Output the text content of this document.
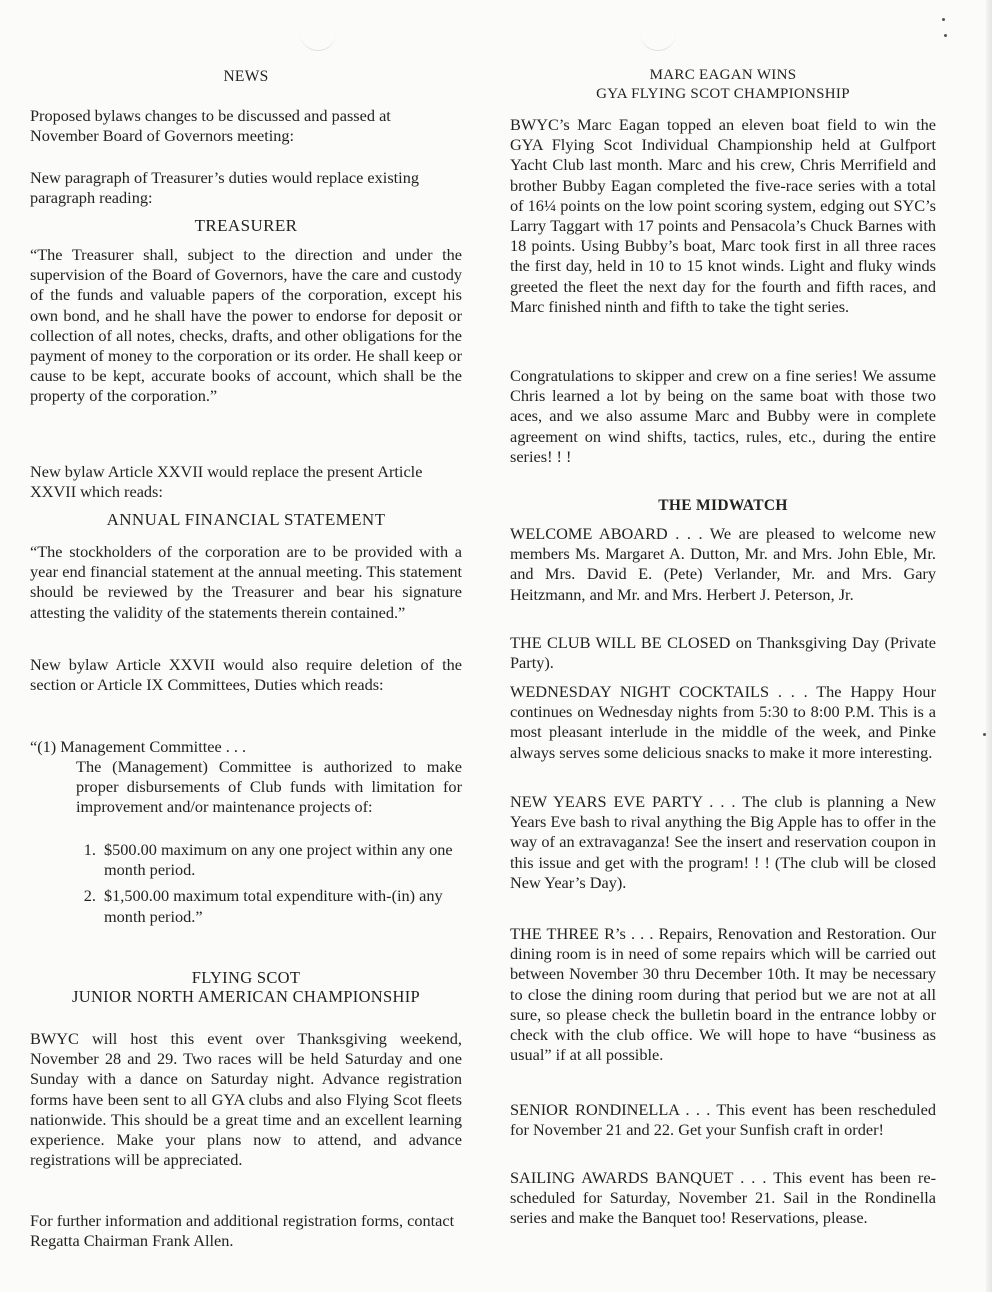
NEWS

Proposed bylaws changes to be discussed and passed at November Board of Governors meeting:

New paragraph of Treasurer’s duties would replace existing paragraph reading:

TREASURER

“The Treasurer shall, subject to the direction and under the supervision of the Board of Governors, have the care and custody of the funds and valuable papers of the corporation, except his own bond, and he shall have the power to endorse for deposit or collection of all notes, checks, drafts, and other obligations for the payment of money to the corporation or its order. He shall keep or cause to be kept, accurate books of account, which shall be the property of the corporation.”

New bylaw Article XXVII would replace the present Article XXVII which reads:

ANNUAL FINANCIAL STATEMENT

“The stockholders of the corporation are to be provided with a year end financial statement at the annual meeting. This statement should be reviewed by the Treasurer and bear his signature attesting the validity of the statements therein contained.”

New bylaw Article XXVII would also require deletion of the section or Article IX Committees, Duties which reads:

“(1) Management Committee . . .

The (Management) Committee is authorized to make proper disbursements of Club funds with limitation for improvement and/or maintenance projects of:

1. $500.00 maximum on any one project within any one month period.
2. $1,500.00 maximum total expenditure with-(in) any month period.”
FLYING SCOT
JUNIOR NORTH AMERICAN CHAMPIONSHIP

BWYC will host this event over Thanksgiving weekend, November 28 and 29. Two races will be held Saturday and one Sunday with a dance on Saturday night. Advance registration forms have been sent to all GYA clubs and also Flying Scot fleets nationwide. This should be a great time and an excellent learning experience. Make your plans now to attend, and advance registrations will be appreciated.

For further information and additional registration forms, contact Regatta Chairman Frank Allen.

MARC EAGAN WINS
GYA FLYING SCOT CHAMPIONSHIP

BWYC’s Marc Eagan topped an eleven boat field to win the GYA Flying Scot Individual Championship held at Gulfport Yacht Club last month. Marc and his crew, Chris Merrifield and brother Bubby Eagan completed the five-race series with a total of 16¼ points on the low point scoring system, edging out SYC’s Larry Taggart with 17 points and Pensacola’s Chuck Barnes with 18 points. Using Bubby’s boat, Marc took first in all three races the first day, held in 10 to 15 knot winds. Light and fluky winds greeted the fleet the next day for the fourth and fifth races, and Marc finished ninth and fifth to take the tight series.

Congratulations to skipper and crew on a fine series! We assume Chris learned a lot by being on the same boat with those two aces, and we also assume Marc and Bubby were in complete agreement on wind shifts, tactics, rules, etc., during the entire series! ! !

THE MIDWATCH

WELCOME ABOARD . . . We are pleased to welcome new members Ms. Margaret A. Dutton, Mr. and Mrs. John Eble, Mr. and Mrs. David E. (Pete) Verlander, Mr. and Mrs. Gary Heitzmann, and Mr. and Mrs. Herbert J. Peterson, Jr.

THE CLUB WILL BE CLOSED on Thanksgiving Day (Private Party).

WEDNESDAY NIGHT COCKTAILS . . . The Happy Hour continues on Wednesday nights from 5:30 to 8:00 P.M. This is a most pleasant interlude in the middle of the week, and Pinke always serves some delicious snacks to make it more interesting.

NEW YEARS EVE PARTY . . . The club is planning a New Years Eve bash to rival anything the Big Apple has to offer in the way of an extravaganza! See the insert and reservation coupon in this issue and get with the program! ! ! (The club will be closed New Year’s Day).

THE THREE R’s . . . Repairs, Renovation and Restoration. Our dining room is in need of some repairs which will be carried out between November 30 thru December 10th. It may be necessary to close the dining room during that period but we are not at all sure, so please check the bulletin board in the entrance lobby or check with the club office. We will hope to have “business as usual” if at all possible.

SENIOR RONDINELLA . . . This event has been rescheduled for November 21 and 22. Get your Sunfish craft in order!

SAILING AWARDS BANQUET . . . This event has been re-scheduled for Saturday, November 21. Sail in the Rondinella series and make the Banquet too! Reservations, please.
